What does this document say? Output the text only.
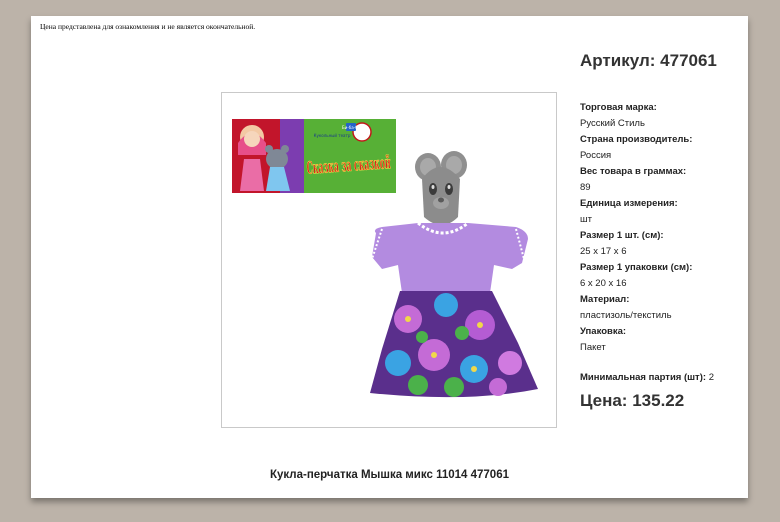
Цена представлена для ознакомления и не является окончательной.
Би-ба-бо
Кукольный театр
Сказка за сказкой
Артикул: 477061
Торговая марка:
Русский Стиль
Страна производитель:
Россия
Вес товара в граммах:
89
Единица измерения:
шт
Размер 1 шт. (см):
25 x 17 x 6
Размер 1 упаковки (см):
6 x 20 x 16
Материал:
пластизоль/текстиль
Упаковка:
Пакет
Минимальная партия (шт): 2
Цена: 135.22
Кукла-перчатка Мышка микс 11014 477061
